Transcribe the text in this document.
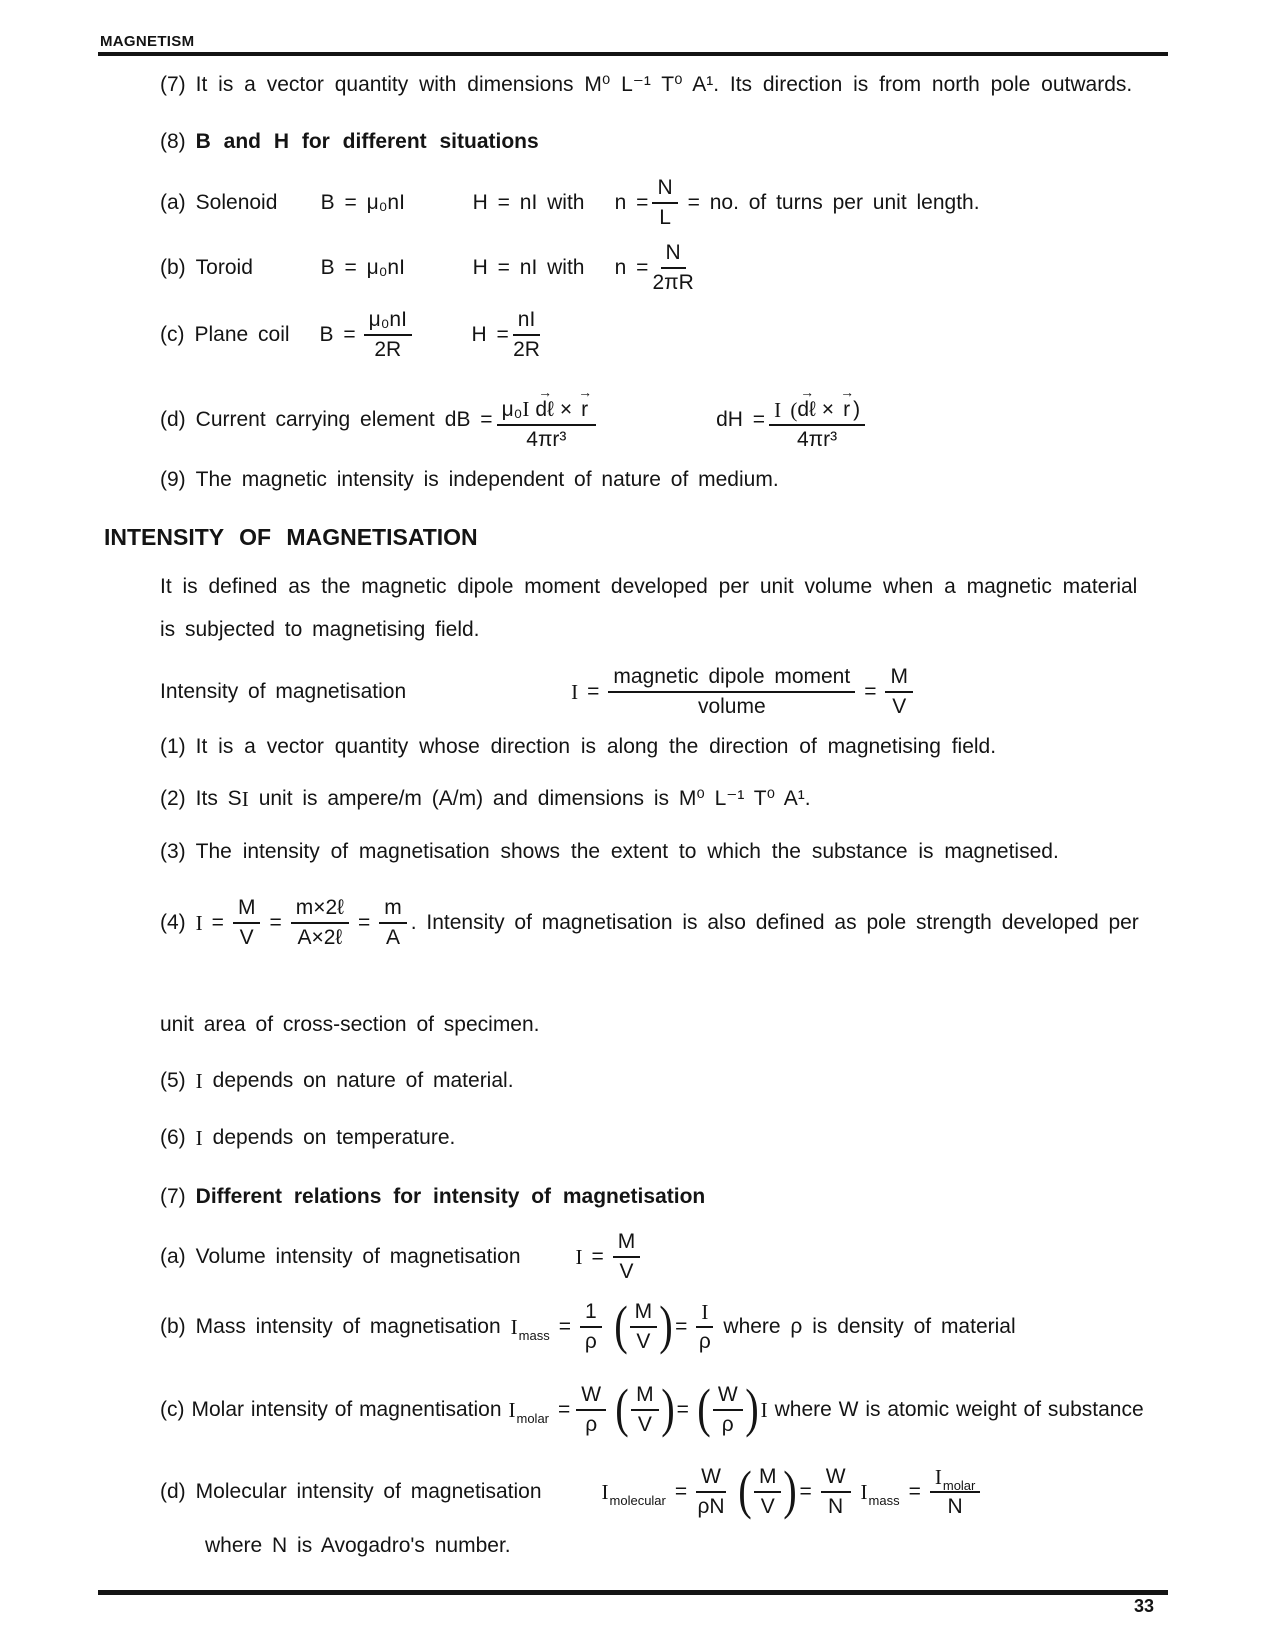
MAGNETISM
(7) It is a vector quantity with dimensions M⁰ L⁻¹ T⁰ A¹. Its direction is from north pole outwards.
(8) B and H for different situations
(a) Solenoid	B = μ₀nI	H = nI with	$n = \frac{N}{L}$ = no. of turns per unit length.
(b) Toroid	B = μ₀nI	H = nI with	$n = \frac{N}{2\pi R}$
(c) Plane coil	$B = \frac{\text{μ₀nI}}{2R}$	$H = \frac{nI}{2R}$
(d) Current carrying element dB = μ₀I
→
dℓ ×
→
r
4πr³	dH = I (
→
dℓ ×
→
r )
4πr³
(9) The magnetic intensity is independent of nature of medium.
INTENSITY OF MAGNETISATION
It is defined as the magnetic dipole moment developed per unit volume when a magnetic material
is subjected to magnetising field.
Intensity of magnetisation	$I = \frac{\text{magnetic dipole moment}}{\text{volume}} = \frac{M}{V}$
(1) It is a vector quantity whose direction is along the direction of magnetising field.
(2) Its S I unit is ampere/m (A/m) and dimensions is M⁰ L⁻¹ T⁰ A¹.
(3) The intensity of magnetisation shows the extent to which the substance is magnetised.
(4) $I = \frac{M}{V} = \frac{\text{m×2ℓ}}{\text{A×2ℓ}} = \frac{m}{A}$ . Intensity of magnetisation is also defined as pole strength developed per
unit area of cross-section of specimen.
(5) I depends on nature of material.
(6) I depends on temperature.
(7) Different relations for intensity of magnetisation
(a) Volume intensity of magnetisation	$I = \frac{M}{V}$
(b) Mass intensity of magnetisation I mass = $\frac{1}{\rho}$ ( $\frac{M}{V}$ ) = $\frac{I}{\rho}$ where ρ is density of material
(c) Molar intensity of magnentisation I molar = $\frac{W}{\rho}$ ( $\frac{M}{V}$ ) = ( $\frac{W}{\rho}$ ) I where W is atomic weight of substance
(d) Molecular intensity of magnetisation	I molecular = $\frac{W}{\rho N}$ ( $\frac{M}{V}$ ) = $\frac{W}{N}$ I mass = $\frac{\text{I molar}}{N}$
where N is Avogadro's number.
33
